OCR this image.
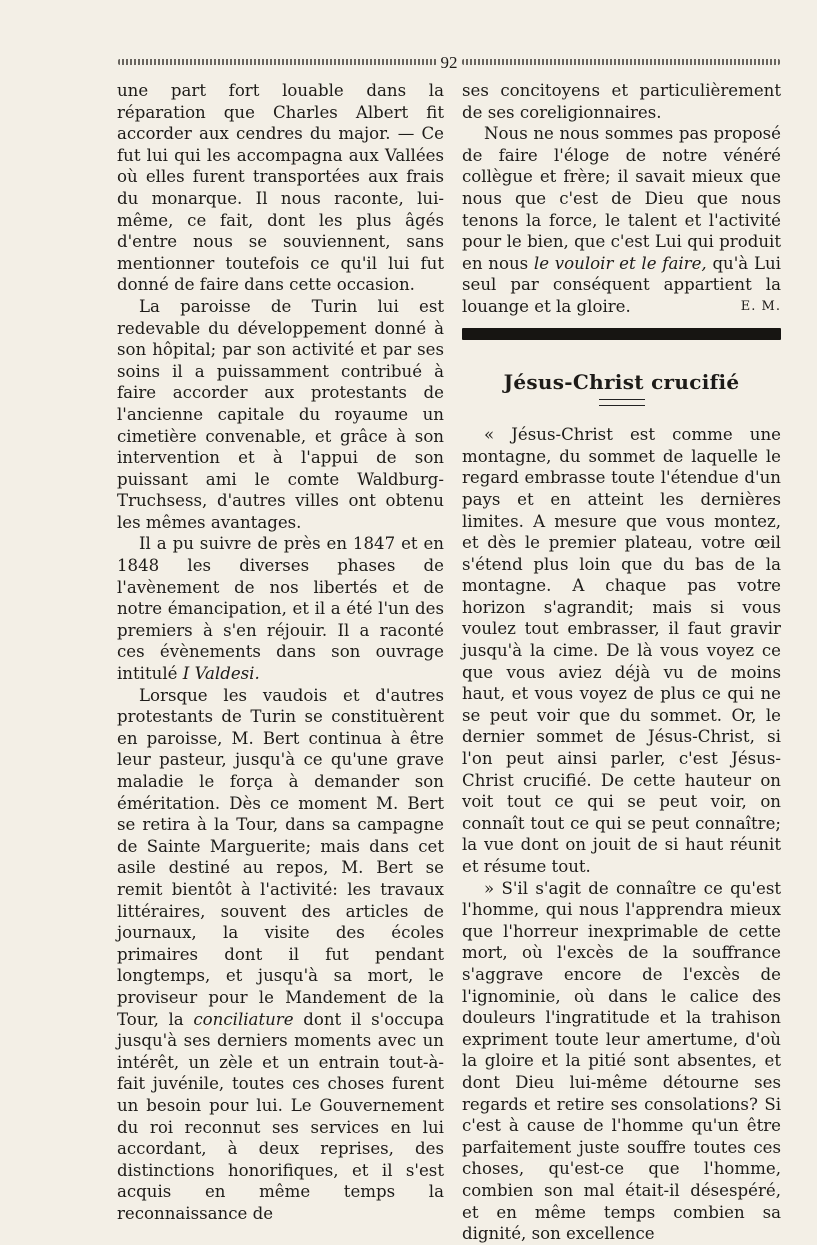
92

une part fort louable dans la réparation que Charles Albert fit accorder aux cendres du major. — Ce fut lui qui les accompagna aux Vallées où elles furent transportées aux frais du monarque. Il nous raconte, lui-même, ce fait, dont les plus âgés d'entre nous se souviennent, sans mentionner toutefois ce qu'il lui fut donné de faire dans cette occasion.

La paroisse de Turin lui est redevable du développement donné à son hôpital; par son activité et par ses soins il a puissamment contribué à faire accorder aux protestants de l'ancienne capitale du royaume un cimetière convenable, et grâce à son intervention et à l'appui de son puissant ami le comte Waldburg-Truchsess, d'autres villes ont obtenu les mêmes avantages.

Il a pu suivre de près en 1847 et en 1848 les diverses phases de l'avènement de nos libertés et de notre émancipation, et il a été l'un des premiers à s'en réjouir. Il a raconté ces évènements dans son ouvrage intitulé I Valdesi.

Lorsque les vaudois et d'autres protestants de Turin se constituèrent en paroisse, M. Bert continua à être leur pasteur, jusqu'à ce qu'une grave maladie le força à demander son éméritation. Dès ce moment M. Bert se retira à la Tour, dans sa campagne de Sainte Marguerite; mais dans cet asile destiné au repos, M. Bert se remit bientôt à l'activité: les travaux littéraires, souvent des articles de journaux, la visite des écoles primaires dont il fut pendant longtemps, et jusqu'à sa mort, le proviseur pour le Mandement de la Tour, la conciliature dont il s'occupa jusqu'à ses derniers moments avec un intérêt, un zèle et un entrain tout-à-fait juvénile, toutes ces choses furent un besoin pour lui. Le Gouvernement du roi reconnut ses services en lui accordant, à deux reprises, des distinctions honorifiques, et il s'est acquis en même temps la reconnaissance de

ses concitoyens et particulièrement de ses coreligionnaires.

Nous ne nous sommes pas proposé de faire l'éloge de notre vénéré collègue et frère; il savait mieux que nous que c'est de Dieu que nous tenons la force, le talent et l'activité pour le bien, que c'est Lui qui produit en nous le vouloir et le faire, qu'à Lui seul par conséquent appartient la louange et la gloire.	E. M.

Jésus-Christ crucifié

« Jésus-Christ est comme une montagne, du sommet de laquelle le regard embrasse toute l'étendue d'un pays et en atteint les dernières limites. A mesure que vous montez, et dès le premier plateau, votre œil s'étend plus loin que du bas de la montagne. A chaque pas votre horizon s'agrandit; mais si vous voulez tout embrasser, il faut gravir jusqu'à la cime. De là vous voyez ce que vous aviez déjà vu de moins haut, et vous voyez de plus ce qui ne se peut voir que du sommet. Or, le dernier sommet de Jésus-Christ, si l'on peut ainsi parler, c'est Jésus-Christ crucifié. De cette hauteur on voit tout ce qui se peut voir, on connaît tout ce qui se peut connaître; la vue dont on jouit de si haut réunit et résume tout.

» S'il s'agit de connaître ce qu'est l'homme, qui nous l'apprendra mieux que l'horreur inexprimable de cette mort, où l'excès de la souffrance s'aggrave encore de l'excès de l'ignominie, où dans le calice des douleurs l'ingratitude et la trahison expriment toute leur amertume, d'où la gloire et la pitié sont absentes, et dont Dieu lui-même détourne ses regards et retire ses consolations? Si c'est à cause de l'homme qu'un être parfaitement juste souffre toutes ces choses, qu'est-ce que l'homme, combien son mal était-il désespéré, et en même temps combien sa dignité, son excellence
